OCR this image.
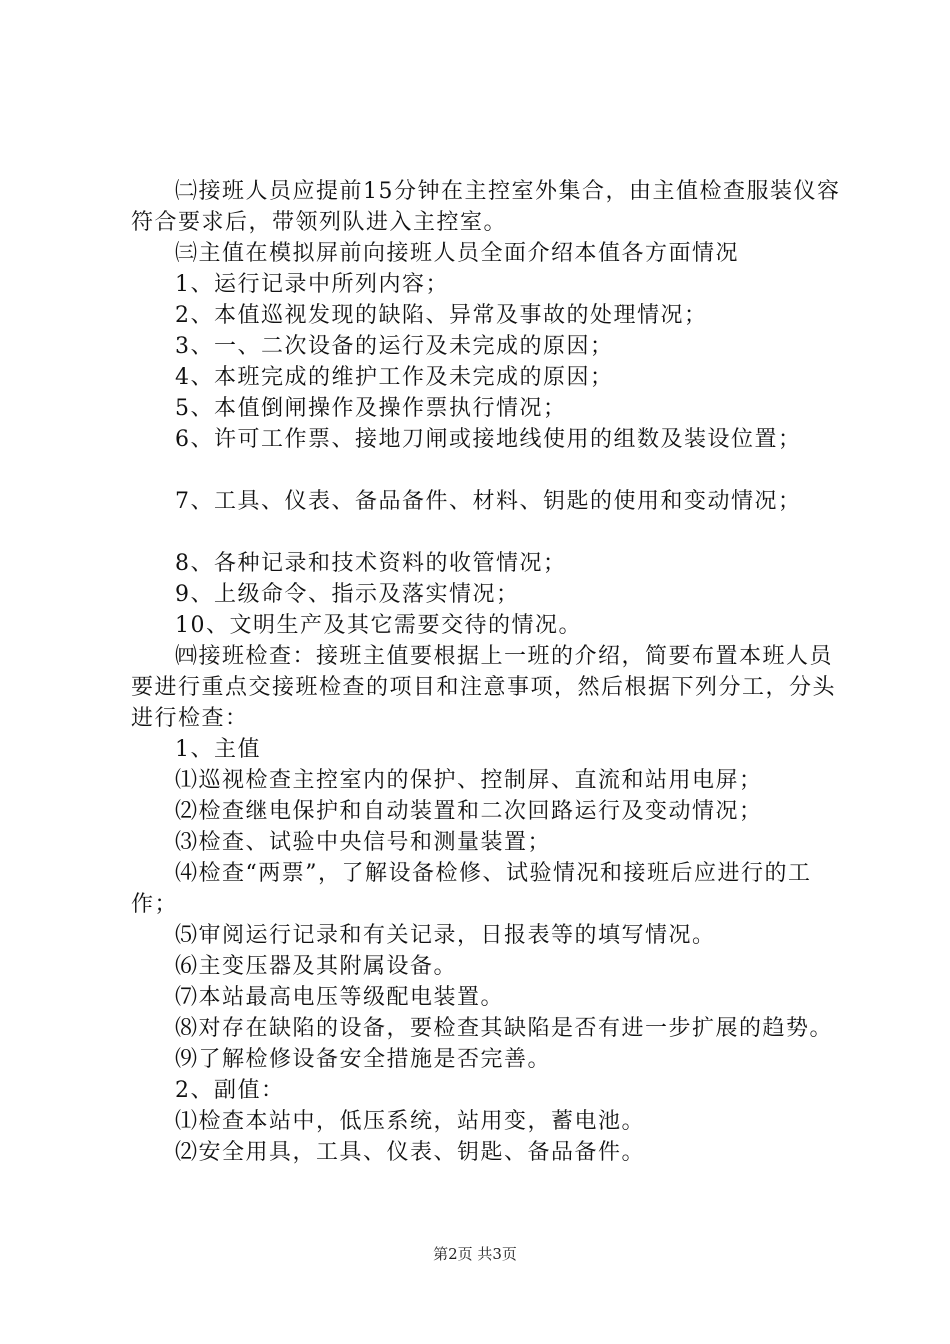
㈡接班人员应提前15分钟在主控室外集合，由主值检查服装仪容符合要求后，带领列队进入主控室。

㈢主值在模拟屏前向接班人员全面介绍本值各方面情况

1、运行记录中所列内容；

2、本值巡视发现的缺陷、异常及事故的处理情况；

3、一、二次设备的运行及未完成的原因；

4、本班完成的维护工作及未完成的原因；

5、本值倒闸操作及操作票执行情况；

6、许可工作票、接地刀闸或接地线使用的组数及装设位置；

7、工具、仪表、备品备件、材料、钥匙的使用和变动情况；

8、各种记录和技术资料的收管情况；

9、上级命令、指示及落实情况；

10、文明生产及其它需要交待的情况。

㈣接班检查：接班主值要根据上一班的介绍，简要布置本班人员要进行重点交接班检查的项目和注意事项，然后根据下列分工，分头进行检查：

1、主值

⑴巡视检查主控室内的保护、控制屏、直流和站用电屏；

⑵检查继电保护和自动装置和二次回路运行及变动情况；

⑶检查、试验中央信号和测量装置；

⑷检查“两票”，了解设备检修、试验情况和接班后应进行的工作；

⑸审阅运行记录和有关记录，日报表等的填写情况。

⑹主变压器及其附属设备。

⑺本站最高电压等级配电装置。

⑻对存在缺陷的设备，要检查其缺陷是否有进一步扩展的趋势。

⑼了解检修设备安全措施是否完善。

2、副值：

⑴检查本站中，低压系统，站用变，蓄电池。

⑵安全用具，工具、仪表、钥匙、备品备件。

第2页 共3页
